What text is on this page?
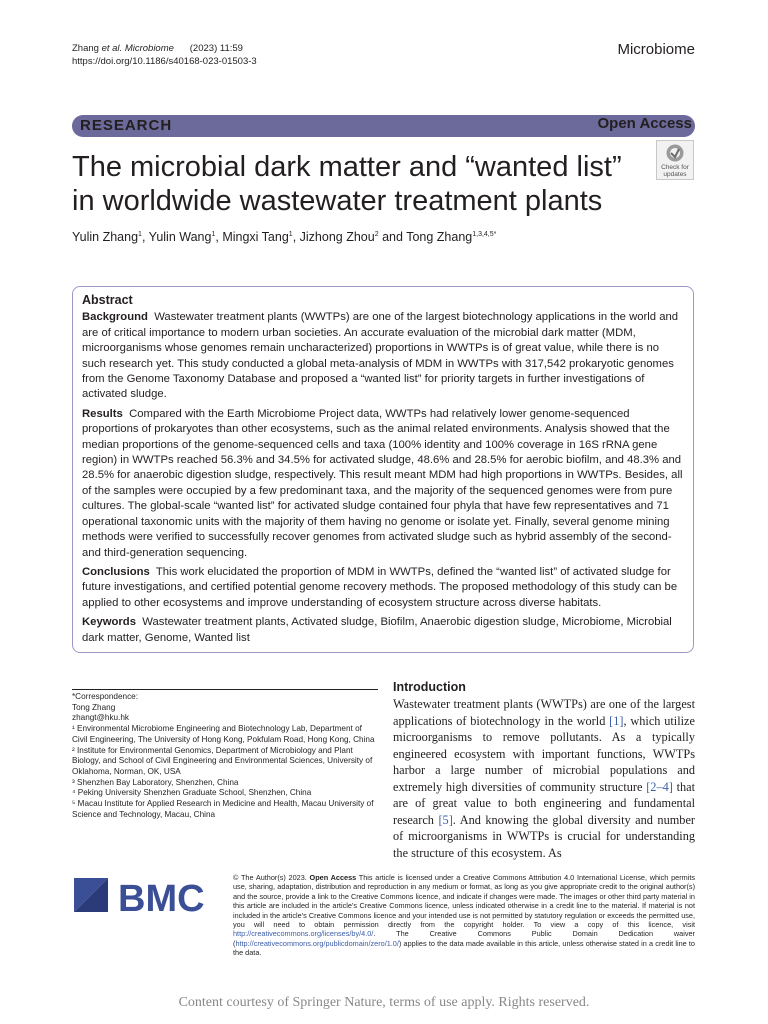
Zhang et al. Microbiome (2023) 11:59
https://doi.org/10.1186/s40168-023-01503-3
Microbiome
RESEARCH	Open Access
Check for
updates
The microbial dark matter and “wanted list” in worldwide wastewater treatment plants
Yulin Zhang$^1$, Yulin Wang$^1$, Mingxi Tang$^1$, Jizhong Zhou$^2$ and Tong Zhang$^{1,3,4,5*}$
Abstract

Background Wastewater treatment plants (WWTPs) are one of the largest biotechnology applications in the world and are of critical importance to modern urban societies. An accurate evaluation of the microbial dark matter (MDM, microorganisms whose genomes remain uncharacterized) proportions in WWTPs is of great value, while there is no such research yet. This study conducted a global meta-analysis of MDM in WWTPs with 317,542 prokaryotic genomes from the Genome Taxonomy Database and proposed a “wanted list” for priority targets in further investigations of activated sludge.

Results Compared with the Earth Microbiome Project data, WWTPs had relatively lower genome-sequenced proportions of prokaryotes than other ecosystems, such as the animal related environments. Analysis showed that the median proportions of the genome-sequenced cells and taxa (100% identity and 100% coverage in 16S rRNA gene region) in WWTPs reached 56.3% and 34.5% for activated sludge, 48.6% and 28.5% for aerobic biofilm, and 48.3% and 28.5% for anaerobic digestion sludge, respectively. This result meant MDM had high proportions in WWTPs. Besides, all of the samples were occupied by a few predominant taxa, and the majority of the sequenced genomes were from pure cultures. The global-scale “wanted list” for activated sludge contained four phyla that have few representatives and 71 operational taxonomic units with the majority of them having no genome or isolate yet. Finally, several genome mining methods were verified to successfully recover genomes from activated sludge such as hybrid assembly of the second- and third-generation sequencing.

Conclusions This work elucidated the proportion of MDM in WWTPs, defined the “wanted list” of activated sludge for future investigations, and certified potential genome recovery methods. The proposed methodology of this study can be applied to other ecosystems and improve understanding of ecosystem structure across diverse habitats.

Keywords Wastewater treatment plants, Activated sludge, Biofilm, Anaerobic digestion sludge, Microbiome, Microbial dark matter, Genome, Wanted list

*Correspondence:

Tong Zhang

zhangt@hku.hk

¹ Environmental Microbiome Engineering and Biotechnology Lab, Department of Civil Engineering, The University of Hong Kong, Pokfulam Road, Hong Kong, China

² Institute for Environmental Genomics, Department of Microbiology and Plant Biology, and School of Civil Engineering and Environmental Sciences, University of Oklahoma, Norman, OK, USA

³ Shenzhen Bay Laboratory, Shenzhen, China

⁴ Peking University Shenzhen Graduate School, Shenzhen, China

⁵ Macau Institute for Applied Research in Medicine and Health, Macau University of Science and Technology, Macau, China

Introduction
Wastewater treatment plants (WWTPs) are one of the largest applications of biotechnology in the world [1], which utilize microorganisms to remove pollutants. As a typically engineered ecosystem with important functions, WWTPs harbor a large number of microbial populations and extremely high diversities of community structure [2–4] that are of great value to both engineering and fundamental research [5]. And knowing the global diversity and number of microorganisms in WWTPs is crucial for understanding the structure of this ecosystem. As
BMC
© The Author(s) 2023. Open Access This article is licensed under a Creative Commons Attribution 4.0 International License, which permits use, sharing, adaptation, distribution and reproduction in any medium or format, as long as you give appropriate credit to the original author(s) and the source, provide a link to the Creative Commons licence, and indicate if changes were made. The images or other third party material in this article are included in the article’s Creative Commons licence, unless indicated otherwise in a credit line to the material. If material is not included in the article’s Creative Commons licence and your intended use is not permitted by statutory regulation or exceeds the permitted use, you will need to obtain permission directly from the copyright holder. To view a copy of this licence, visit http://creativecommons.org/licenses/by/4.0/. The Creative Commons Public Domain Dedication waiver (http://creativecommons.org/publicdomain/zero/1.0/) applies to the data made available in this article, unless otherwise stated in a credit line to the data.
Content courtesy of Springer Nature, terms of use apply. Rights reserved.
